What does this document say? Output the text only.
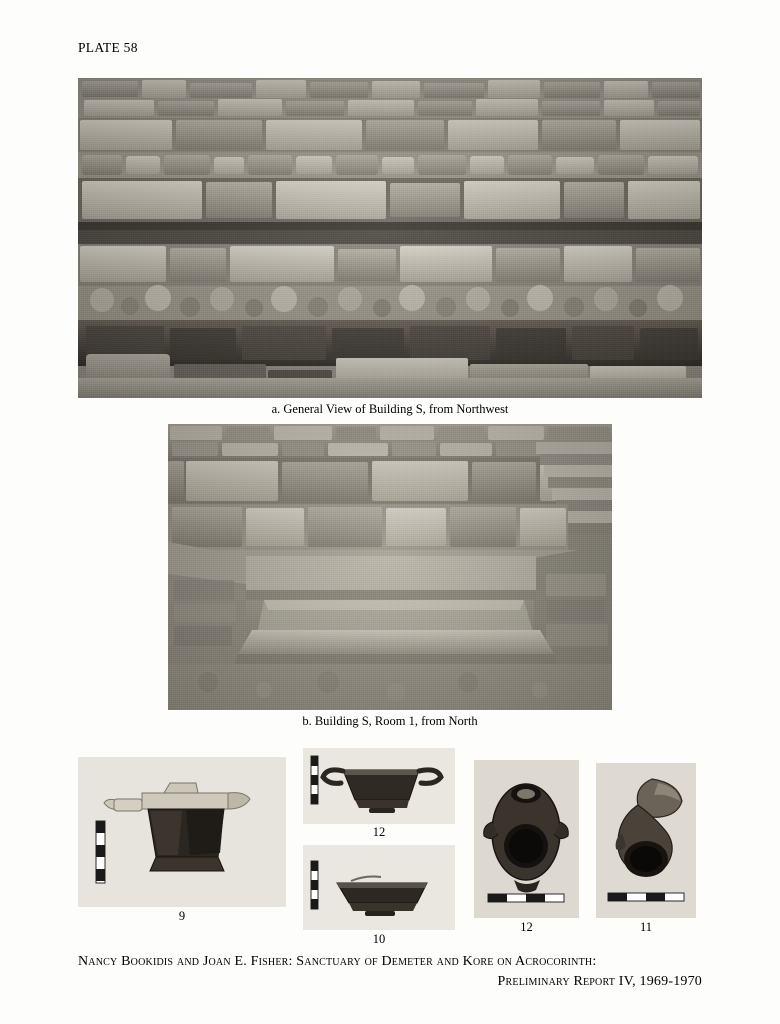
PLATE 58
a. General View of Building S, from Northwest
b. Building S, Room 1, from North
9
12
10
12	11
Nancy Bookidis and Joan E. Fisher: Sanctuary of Demeter and Kore on Acrocorinth:
Preliminary Report IV, 1969-1970
